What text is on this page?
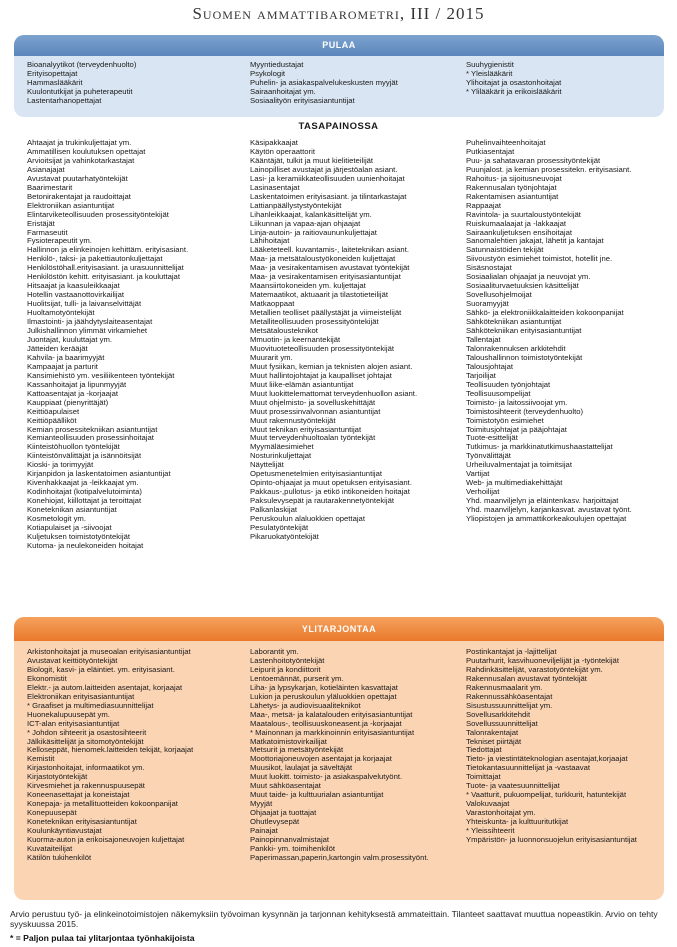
Suomen ammattibarometri, III / 2015
PULAA
Bioanalyytikot (terveydenhuolto)
Erityisopettajat
Hammaslääkärit
Kuulontutkijat ja puheterapeutit
Lastentarhanopettajat
Myyntiedustajat
Psykologit
Puhelin- ja asiakaspalvelukeskusten myyjät
Sairaanhoitajat ym.
Sosiaalityön erityisasiantuntijat
Suuhygienistit
* Yleislääkärit
Ylihoitajat ja osastonhoitajat
* Ylilääkärit ja erikoislääkärit
TASAPAINOSSA
Ahtaajat ja trukinkuljettajat ym.
Ammatillisen koulutuksen opettajat
Arvioitsijat ja vahinkotarkastajat
Asianajajat
Avustavat puutarhatyöntekijät
Baarimestarit
Betonirakentajat ja raudoittajat
Elektroniikan asiantuntijat
Elintarviketeollisuuden prosessityöntekijät
Eristäjät
Farmaseutit
Fysioterapeutit ym.
Hallinnon ja elinkeinojen kehittäm. erityisasiant.
Henkilö-, taksi- ja pakettiautonkuljettajat
Henkilöstöhall.erityisasiant. ja urasuunnittelijat
Henkilöstön kehitt. erityisasiant. ja kouluttajat
Hitsaajat ja kaasuleikkaajat
Hotellin vastaanottovirkailijat
Huolitsijat, tulli- ja laivanselvittäjät
Huoltamotyöntekijät
Ilmastointi- ja jäähdytyslaiteasentajat
Julkishallinnon ylimmät virkamiehet
Juontajat, kuuluttajat ym.
Jätteiden kerääjät
Kahvila- ja baarimyyjät
Kampaajat ja parturit
Kansimiehistö ym. vesiliikenteen työntekijät
Kassanhoitajat ja lipunmyyjät
Kattoasentajat ja -korjaajat
Kauppiaat (pienyrittäjät)
Keittiöapulaiset
Keittiöpäälliköt
Kemian prosessitekniikan asiantuntijat
Kemianteollisuuden prosessinhoitajat
Kiinteistöhuollon työntekijät
Kiinteistönvälittäjät ja isännöitsijät
Kioski- ja torimyyjät
Kirjanpidon ja laskentatoimen asiantuntijat
Kivenhakkaajat ja -leikkaajat ym.
Kodinhoitajat (kotipalvelutoiminta)
Konehiojat, kiillottajat ja teroittajat
Koneteknikan asiantuntijat
Kosmetologit ym.
Kotiapulaiset ja -siivoojat
Kuljetuksen toimistotyöntekijät
Kutoma- ja neulekoneiden hoitajat
Käsipakkaajat
Käytön operaattorit
Kääntäjät, tulkit ja muut kielitieteilijät
Lainopilliset avustajat ja järjestöalan asiant.
Lasi- ja keramiikkateollisuuden uunienhoitajat
Lasinasentajat
Laskentatoimen erityisasiant. ja tilintarkastajat
Lattianpäällystystyöntekijät
Lihanleikkaajat, kalankäsittelijät ym.
Liikunnan ja vapaa-ajan ohjaajat
Linja-autoin- ja raitiovaununkuljettajat
Lähihoitajat
Lääketeteell. kuvantamis-, laiteteknikan asiant.
Maa- ja metsätaloustyökoneiden kuljettajat
Maa- ja vesirakentamisen avustavat työntekijät
Maa- ja vesirakentamisen erityisasiantuntijat
Maansiirtokoneiden ym. kuljettajat
Matemaatikot, aktuaarit ja tilastotieteilijät
Matkaoppaat
Metallien teolliset päällystäjät ja viimeistelijät
Metalliteollisuuden prosessityöntekijät
Metsätalousteknikot
Mmuotin- ja keernantekijät
Muovituoteteollisuuden prosessityöntekijät
Muurarit ym.
Muut fysiikan, kemian ja teknisten alojen asiant.
Muut hallintojohtajat ja kaupalliset johtajat
Muut liike-elämän asiantuntijat
Muut luokittelemattomat terveydenhuollon asiant.
Muut ohjelmisto- ja sovelluskehittäjät
Muut prosessinvalvonnan asiantuntijat
Muut rakennustyöntekijät
Muut teknikan erityisasiantuntijat
Muut terveydenhuoltoalan työntekijät
Myymäläesimiehet
Nosturinkuljettajat
Näyttelijät
Opetusmenetelmien erityisasiantuntijat
Opinto-ohjaajat ja muut opetuksen erityisasiant.
Pakkaus-,pullotus- ja etikö intikoneiden hoitajat
Paksulevysepät ja rautarakennetyöntekijät
Palkanlaskijat
Peruskoulun alaluokkien opettajat
Pesulatyöntekijät
Pikaruokatyöntekijät
Puhelinvaihteenhoitajat
Putkiasentajat
Puu- ja sahatavaran prosessityöntekijät
Puunjalost. ja kemian prosessitekn. erityisasiant.
Rahoitus- ja sijoitusneuvojat
Rakennusalan työnjohtajat
Rakentamisen asiantuntijat
Rappaajat
Ravintola- ja suurtaloustyöntekijät
Ruiskumaalaajat ja -lakkaajat
Sairaankuljetuksen ensihoitajat
Sanomalehtien jakajat, lähetit ja kantajat
Satunnaistöiden tekijät
Siivoustyön esimiehet toimistot, hotellit jne.
Sisäsnostajat
Sosiaalialan ohjaajat ja neuvojat ym.
Sosiaaliturvaetuuksien käsittelijät
Sovellusohjelmoijat
Suoramyyjät
Sähkö- ja elektroniikkalaitteiden kokoonpanijat
Sähkötekniikan asiantuntijat
Sähkötekniikan erityisasiantuntijat
Tallentajat
Talonrakennuksen arkkitehdit
Taloushallinnon toimistotyöntekijät
Talousjohtajat
Tarjoilijat
Teollisuuden työnjohtajat
Teollisuusompelijat
Toimisto- ja laitossiivoojat ym.
Toimistosihteerit (terveydenhuolto)
Toimistotyön esimiehet
Toimitusjohtajat ja pääjohtajat
Tuote-esittelijät
Tutkimus- ja markkinatutkimushaastattelijat
Työnvälittäjät
Urheiluvalmentajat ja toimitsijat
Vartijat
Web- ja multimediakehittäjät
Verhoilijat
Yhd. maanviljelyn ja eläintenkasv. harjoittajat
Yhd. maanviljelyn, karjankasvat. avustavat työnt.
Yliopistojen ja ammattikorkeakoulujen opettajat
YLITARJONTAA
Arkistonhoitajat ja museoalan erityisasiantuntijat
Avustavat keittiötyöntekijät
Biologit, kasvi- ja eläintiet. ym. erityisasiant.
Ekonomistit
Elektr.- ja autom.laitteiden asentajat, korjaajat
Elektroniikan erityisasiantuntijat
* Graafiset ja multimediasuunnittelijat
Huonekalupuusepät ym.
ICT-alan erityisasiantuntijat
* Johdon sihteerit ja osastosihteerit
Jälkikäsittelijät ja sitomotyöntekijät
Kelloseppät, hienomek.laitteiden tekijät, korjaajat
Kemistit
Kirjastonhoitajat, informaatikot ym.
Kirjastotyöntekijät
Kirvesmiehet ja rakennuspuusepät
Koneenasettajat ja koneistajat
Konepaja- ja metallituotteiden kokoonpanijat
Konepuusepät
Koneteknikan erityisasiantuntijat
Koulunkäyntiavustajat
Kuorma-auton ja erikoisajoneuvojen kuljettajat
Kuvataiteilijat
Kätilön tukihenkilöt
Laborantit ym.
Lastenhoitotyöntekijät
Leipurit ja kondiittorit
Lentoemännät, purserit ym.
Liha- ja lypsykarjan, kotieläinten kasvattajat
Lukion ja peruskoulun yläluokkien opettajat
Lähetys- ja audiovisuaaliteknikot
Maa-, metsä- ja kalatalouden erityisasiantuntijat
Maatalous-, teollisuuskoneasent.ja -korjaajat
* Mainonnan ja markkinoinnin erityisasiantuntijat
Matkatoimistovirkailijat
Metsurit ja metsätyöntekijät
Moottoriajoneuvojen asentajat ja korjaajat
Muusikot, laulajat ja säveltäjät
Muut luokitt. toimisto- ja asiakaspalvelutyönt.
Muut sähköasentajat
Muut taide- ja kulttuurialan asiantuntijat
Myyjät
Ohjaajat ja tuottajat
Ohutlevysepät
Painajat
Painopinnanvalmistajat
Pankki- ym. toimihenkilöt
Paperimassan,paperin,kartongin valm.prosessityönt.
Postinkantajat ja -lajittelijat
Puutarhurit, kasvihuoneviljelijät ja -työntekijät
Rahdinkäsittelijät, varastotyöntekijät ym.
Rakennusalan avustavat työntekijät
Rakennusmaalarit ym.
Rakennussähköasentajat
Sisustussuunnittelijat ym.
Sovellusarkkitehdit
Sovellussuunnittelijat
Talonrakentajat
Tekniset piirtäjät
Tiedottajat
Tieto- ja viestintäteknologian asentajat,korjaajat
Tietokantasuunnittelijat ja -vastaavat
Toimittajat
Tuote- ja vaatesuunnittelijat
* Vaatturit, pukuompelijat, turkkurit, hatuntekijät
Valokuvaajat
Varastonhoitajat ym.
Yhteiskunta- ja kulttuuritutkijat
* Yleissihteerit
Ympäristön- ja luonnonsuojelun erityisasiantuntijat
Arvio perustuu työ- ja elinkeinotoimistojen näkemyksiin työvoiman kysynnän ja tarjonnan kehityksestä ammateittain. Tilanteet saattavat muuttua nopeastikin. Arvio on tehty syyskuussa 2015.
* = Paljon pulaa tai ylitarjontaa työnhakijoista
